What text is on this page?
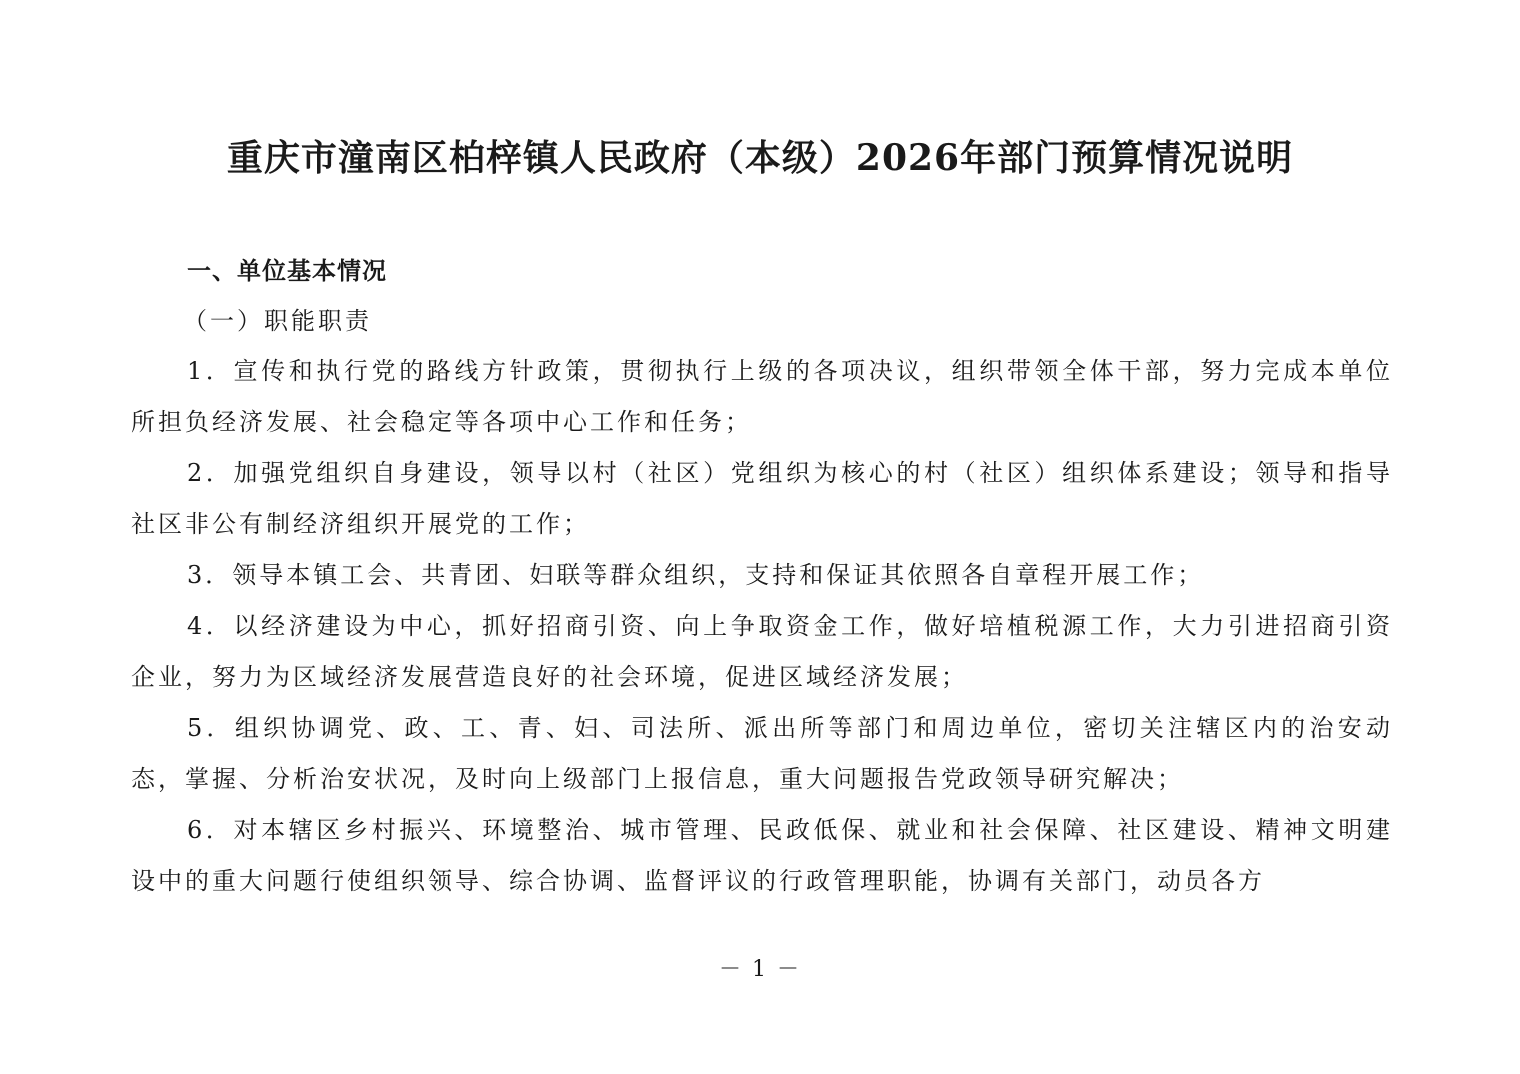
重庆市潼南区柏梓镇人民政府（本级）2026年部门预算情况说明

一、单位基本情况

（一）职能职责

1．宣传和执行党的路线方针政策，贯彻执行上级的各项决议，组织带领全体干部，努力完成本单位所担负经济发展、社会稳定等各项中心工作和任务；

2．加强党组织自身建设，领导以村（社区）党组织为核心的村（社区）组织体系建设；领导和指导社区非公有制经济组织开展党的工作；

3．领导本镇工会、共青团、妇联等群众组织，支持和保证其依照各自章程开展工作；

4．以经济建设为中心，抓好招商引资、向上争取资金工作，做好培植税源工作，大力引进招商引资企业，努力为区域经济发展营造良好的社会环境，促进区域经济发展；

5．组织协调党、政、工、青、妇、司法所、派出所等部门和周边单位，密切关注辖区内的治安动态，掌握、分析治安状况，及时向上级部门上报信息，重大问题报告党政领导研究解决；

6．对本辖区乡村振兴、环境整治、城市管理、民政低保、就业和社会保障、社区建设、精神文明建设中的重大问题行使组织领导、综合协调、监督评议的行政管理职能，协调有关部门，动员各方

－ 1 －
